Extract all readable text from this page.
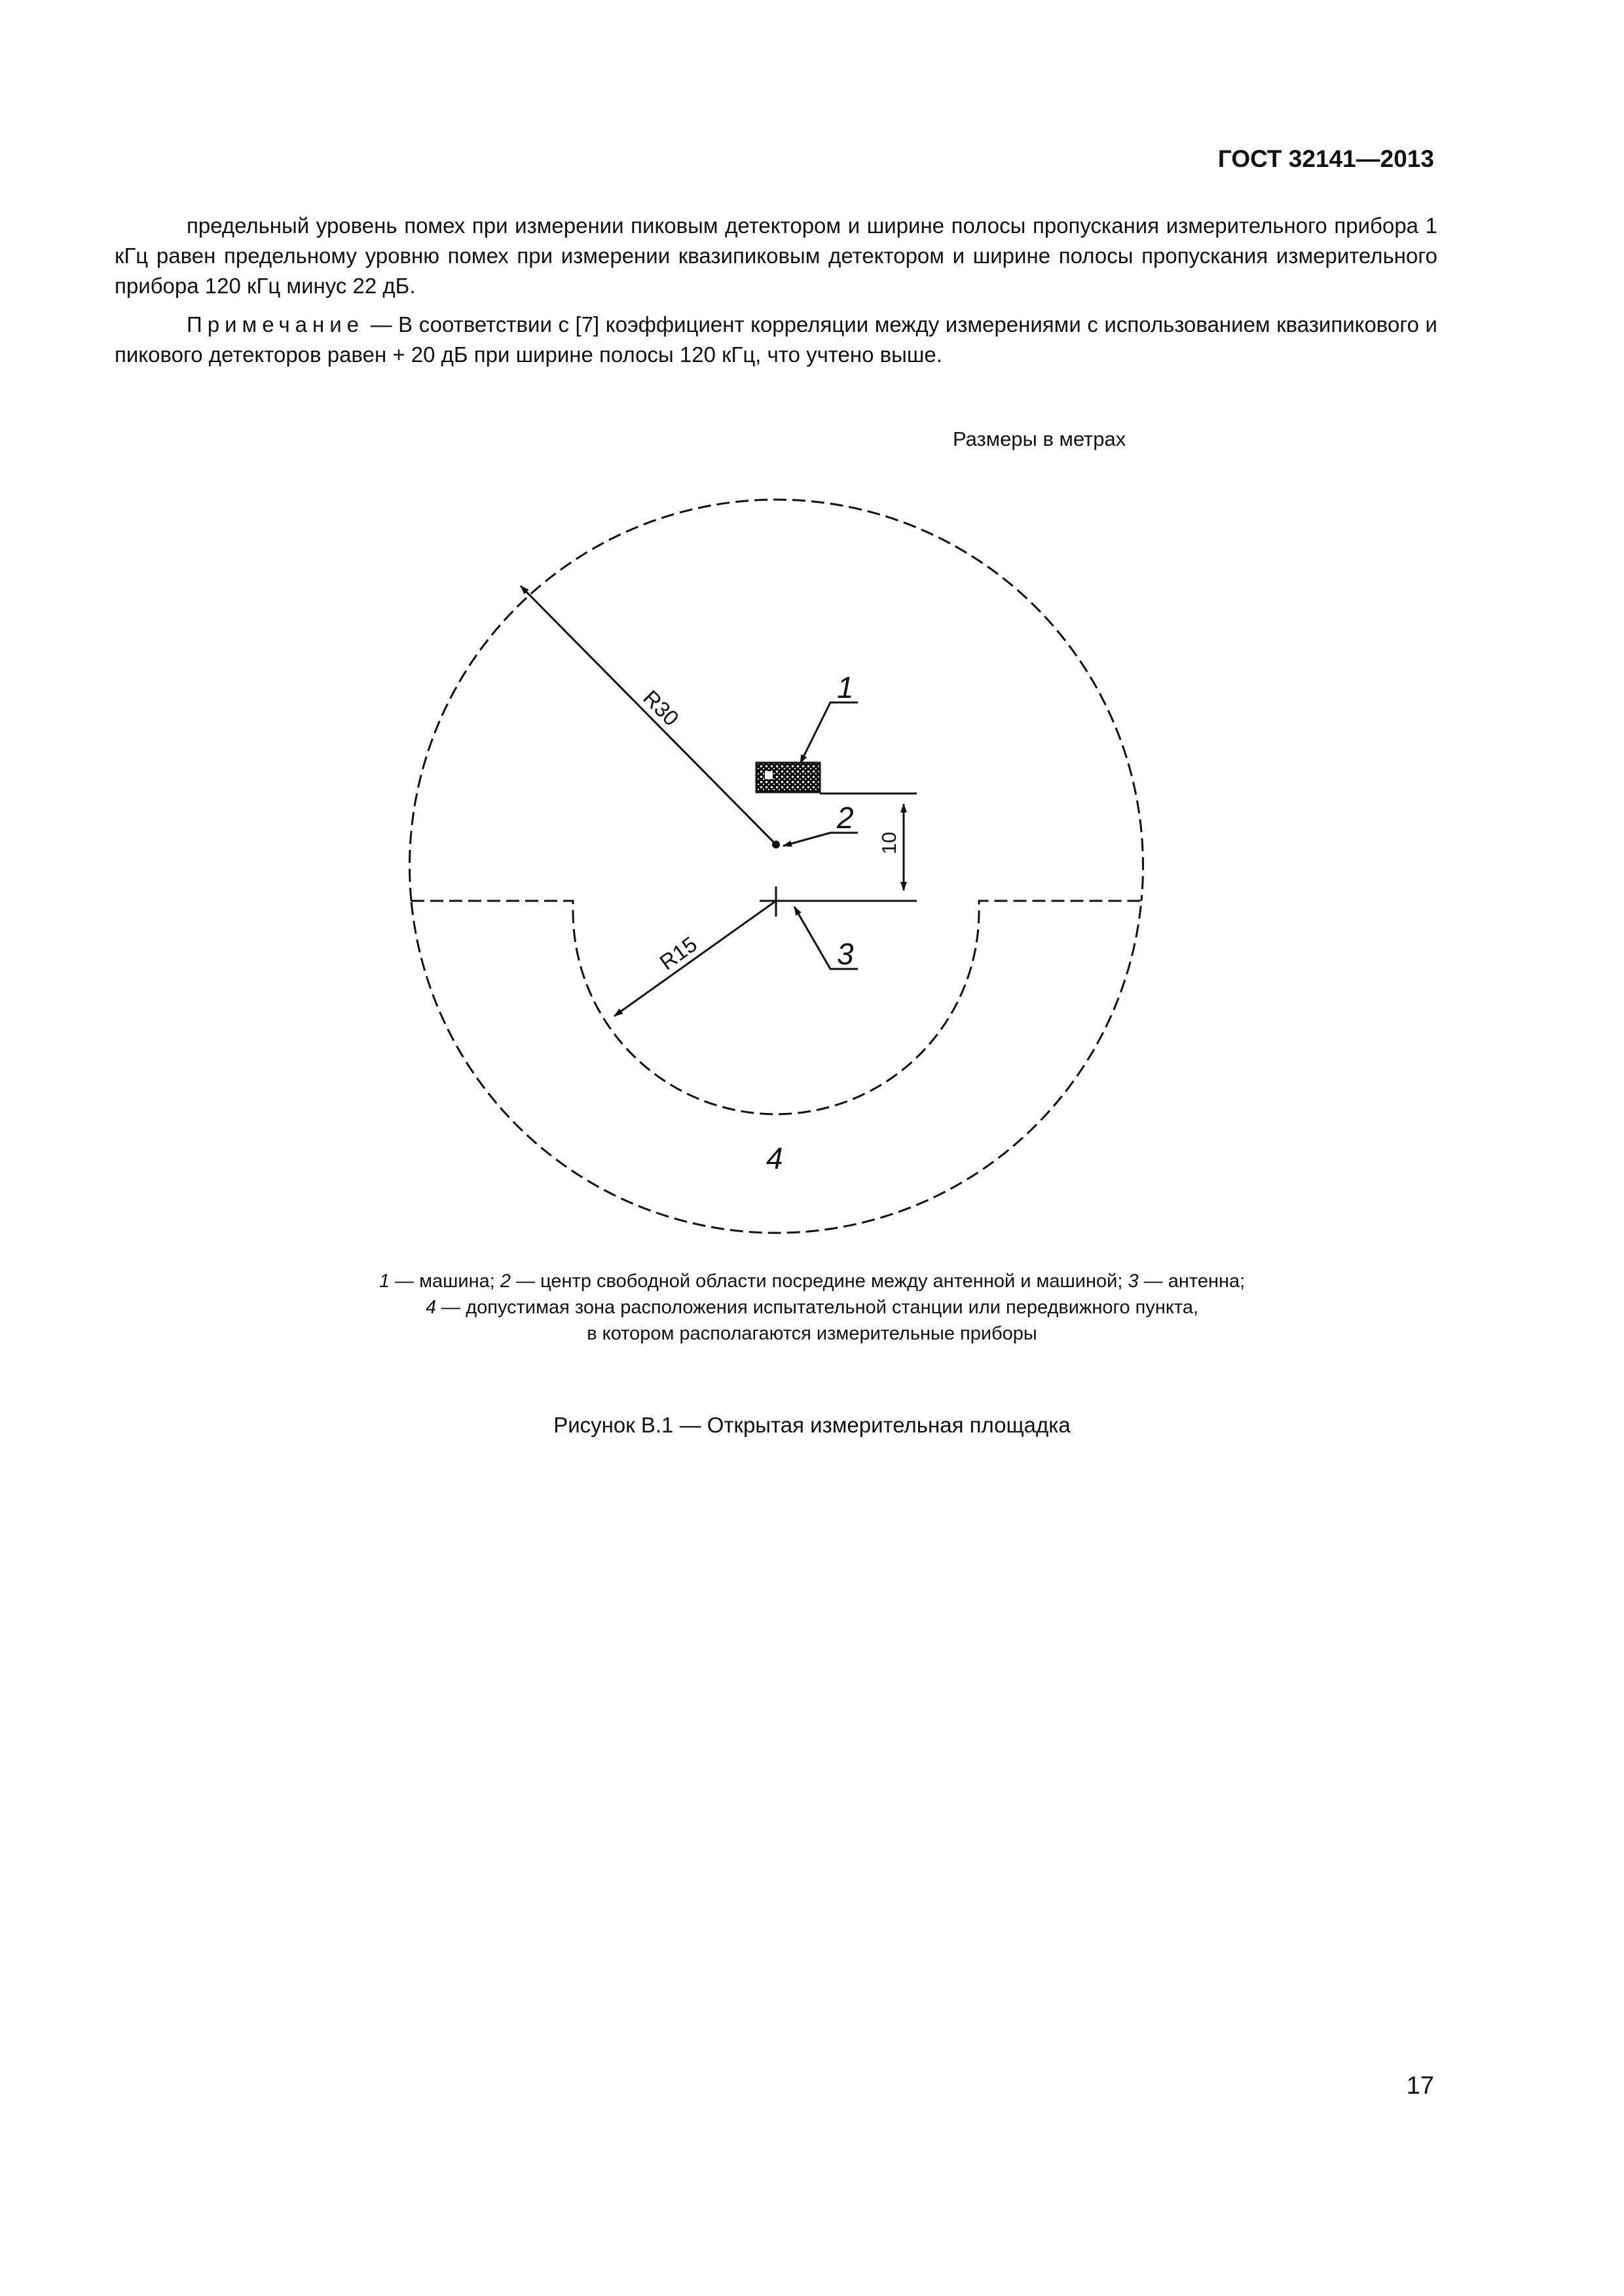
ГОСТ 32141—2013

предельный уровень помех при измерении пиковым детектором и ширине полосы пропускания измерительного прибора 1 кГц равен предельному уровню помех при измерении квазипиковым детектором и ширине полосы пропускания измерительного прибора 120 кГц минус 22 дБ.

Примечание — В соответствии с [7] коэффициент корреляции между измерениями с использованием квазипикового и пикового детекторов равен + 20 дБ при ширине полосы 120 кГц, что учтено выше.

Размеры в метрах
R30
R15
10
1
2
3
4
1 — машина; 2 — центр свободной области посредине между антенной и машиной; 3 — антенна;
4 — допустимая зона расположения испытательной станции или передвижного пункта,
в котором располагаются измерительные приборы
Рисунок В.1 — Открытая измерительная площадка
17
